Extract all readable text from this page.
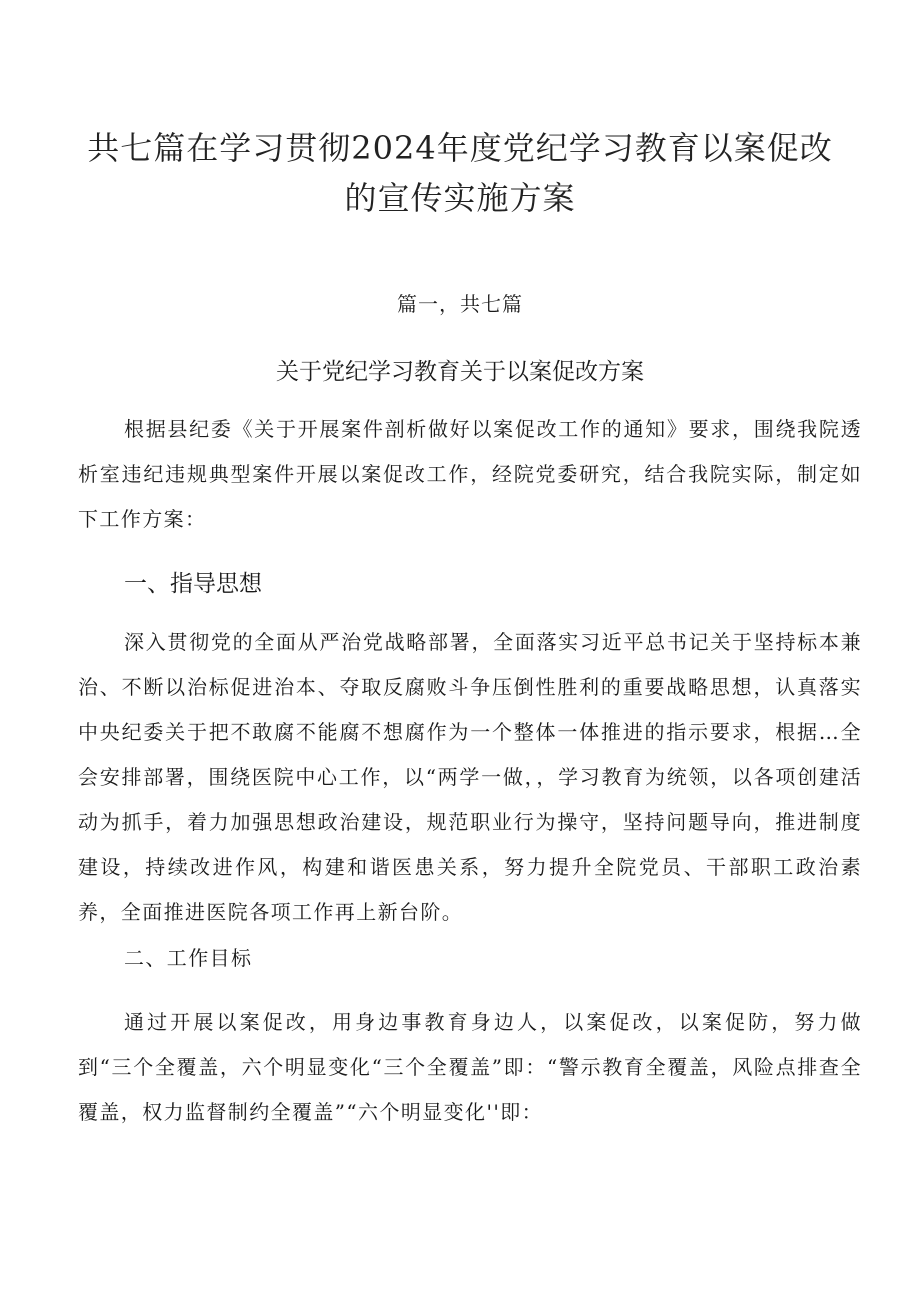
共七篇在学习贯彻2024年度党纪学习教育以案促改
的宣传实施方案
篇一，共七篇
关于党纪学习教育关于以案促改方案

根据县纪委《关于开展案件剖析做好以案促改工作的通知》要求，围绕我院透析室违纪违规典型案件开展以案促改工作，经院党委研究，结合我院实际，制定如下工作方案：

一、指导思想

深入贯彻党的全面从严治党战略部署，全面落实习近平总书记关于坚持标本兼治、不断以治标促进治本、夺取反腐败斗争压倒性胜利的重要战略思想，认真落实中央纪委关于把不敢腐不能腐不想腐作为一个整体一体推进的指示要求，根据…全会安排部署，围绕医院中心工作，以“两学一做，，学习教育为统领，以各项创建活动为抓手，着力加强思想政治建设，规范职业行为操守，坚持问题导向，推进制度建设，持续改进作风，构建和谐医患关系，努力提升全院党员、干部职工政治素养，全面推进医院各项工作再上新台阶。

二、工作目标

通过开展以案促改，用身边事教育身边人，以案促改，以案促防，努力做到“三个全覆盖，六个明显变化“三个全覆盖”即：“警示教育全覆盖，风险点排查全覆盖，权力监督制约全覆盖”“六个明显变化''即：
